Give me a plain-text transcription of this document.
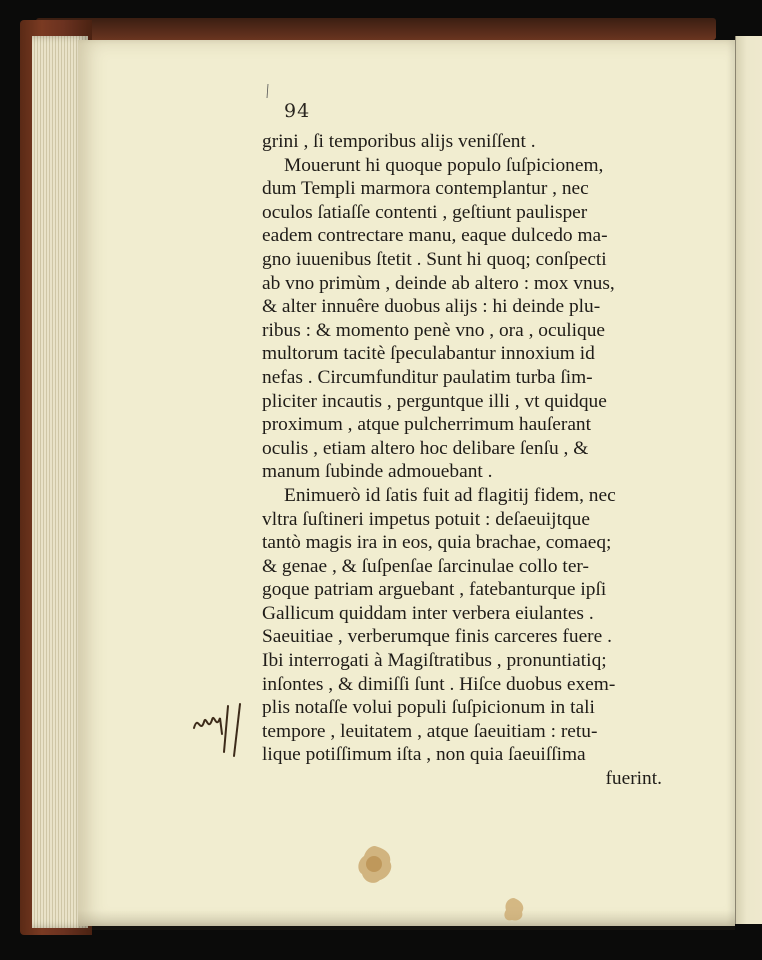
94
grini , ſi temporibus alijs veniſſent .
Mouerunt hi quoque populo ſuſpicionem,
dum Templi marmora contemplantur , nec
oculos ſatiaſſe contenti , geſtiunt paulisper
eadem contrectare manu, eaque dulcedo ma-
gno iuuenibus ſtetit . Sunt hi quoq; conſpecti
ab vno primùm , deinde ab altero : mox vnus,
& alter innuêre duobus alijs : hi deinde plu-
ribus : & momento penè vno , ora , oculique
multorum tacitè ſpeculabantur innoxium id
nefas . Circumfunditur paulatim turba ſim-
pliciter incautis , perguntque illi , vt quidque
proximum , atque pulcherrimum hauſerant
oculis , etiam altero hoc delibare ſenſu , &
manum ſubinde admouebant .
Enimuerò id ſatis fuit ad flagitij fidem, nec
vltra ſuſtineri impetus potuit : deſaeuijtque
tantò magis ira in eos, quia brachae, comaeq;
& genae , & ſuſpenſae ſarcinulae collo ter-
goque patriam arguebant , fatebanturque ipſi
Gallicum quiddam inter verbera eiulantes .
Saeuitiae , verberumque finis carceres fuere .
Ibi interrogati à Magiſtratibus , pronuntiatiq;
inſontes , & dimiſſi ſunt . Hiſce duobus exem-
plis notaſſe volui populi ſuſpicionum in tali
tempore , leuitatem , atque ſaeuitiam : retu-
lique potiſſimum iſta , non quia ſaeuiſſima
fuerint.
